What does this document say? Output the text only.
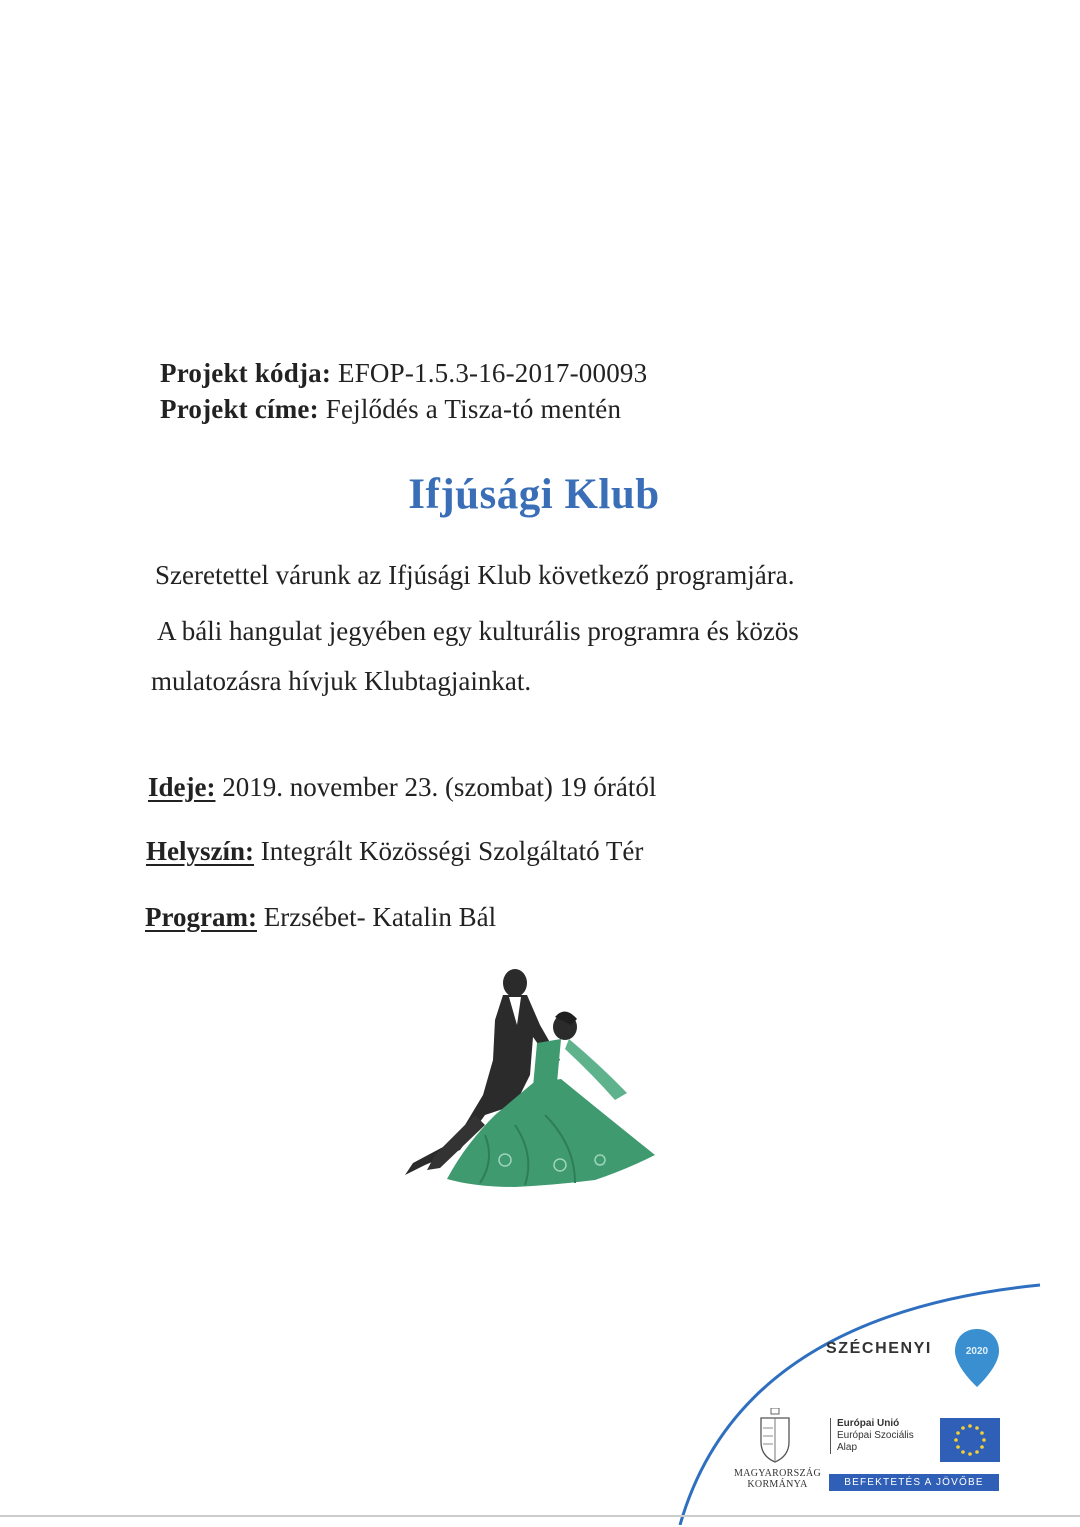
Projekt kódja: EFOP-1.5.3-16-2017-00093
Projekt címe: Fejlődés a Tisza-tó mentén
Ifjúsági Klub
Szeretettel várunk az Ifjúsági Klub következő programjára.
A báli hangulat jegyében egy kulturális programra és közös
mulatozásra hívjuk Klubtagjainkat.
Ideje: 2019. november 23. (szombat) 19 órától
Helyszín: Integrált Közösségi Szolgáltató Tér
Program: Erzsébet- Katalin Bál
SZÉCHENYI	2020
MAGYARORSZÁG KORMÁNYA
Európai Unió
Európai Szociális
Alap
BEFEKTETÉS A JÖVŐBE
